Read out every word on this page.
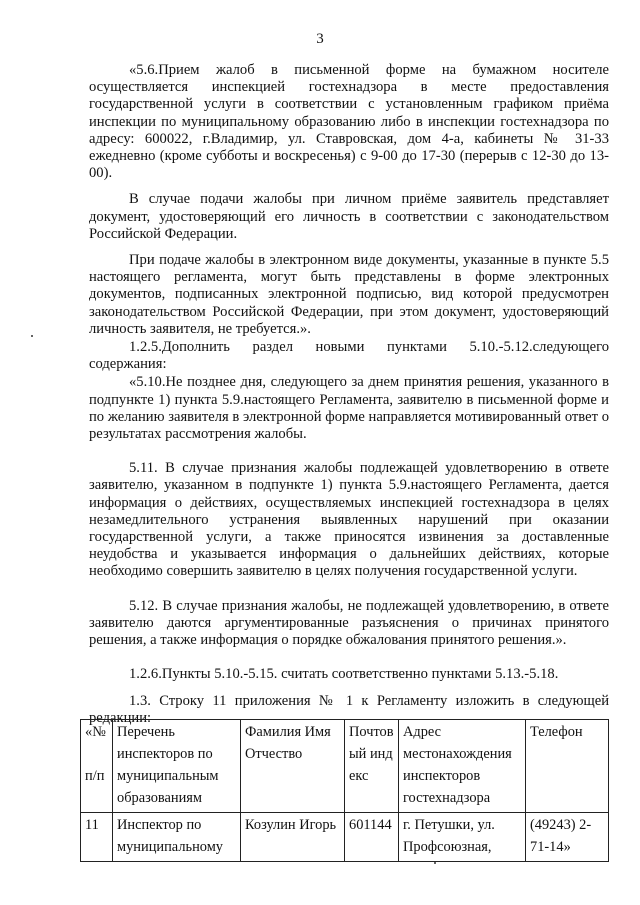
3

«5.6.Прием жалоб в письменной форме на бумажном носителе осуществляется инспекцией гостехнадзора в месте предоставления государственной услуги в соответствии с установленным графиком приёма инспекции по муниципальному образованию либо в инспекции гостехнадзора по адресу: 600022, г.Владимир, ул. Ставровская, дом 4-а, кабинеты № 31-33 ежедневно (кроме субботы и воскресенья) с 9-00 до 17-30 (перерыв с 12-30 до 13-00).

В случае подачи жалобы при личном приёме заявитель представляет документ, удостоверяющий его личность в соответствии с законодательством Российской Федерации.

При подаче жалобы в электронном виде документы, указанные в пункте 5.5 настоящего регламента, могут быть представлены в форме электронных документов, подписанных электронной подписью, вид которой предусмотрен законодательством Российской Федерации, при этом документ, удостоверяющий личность заявителя, не требуется.».

1.2.5.Дополнить раздел новыми пунктами 5.10.-5.12.следующего содержания:

«5.10.Не позднее дня, следующего за днем принятия решения, указанного в подпункте 1) пункта 5.9.настоящего Регламента, заявителю в письменной форме и по желанию заявителя в электронной форме направляется мотивированный ответ о результатах рассмотрения жалобы.

5.11. В случае признания жалобы подлежащей удовлетворению в ответе заявителю, указанном в подпункте 1) пункта 5.9.настоящего Регламента, дается информация о действиях, осуществляемых инспекцией гостехнадзора в целях незамедлительного устранения выявленных нарушений при оказании государственной услуги, а также приносятся извинения за доставленные неудобства и указывается информация о дальнейших действиях, которые необходимо совершить заявителю в целях получения государственной услуги.

5.12. В случае признания жалобы, не подлежащей удовлетворению, в ответе заявителю даются аргументированные разъяснения о причинах принятого решения, а также информация о порядке обжалования принятого решения.».

1.2.6.Пункты 5.10.-5.15. считать соответственно пунктами 5.13.-5.18.

1.3. Строку 11 приложения № 1 к Регламенту изложить в следующей редакции:

«№
п/п	Перечень инспекторов по муниципальным образованиям	Фамилия Имя Отчество	Почтовый индекс	Адрес местонахождения инспекторов гостехнадзора	Телефон
11	Инспектор по муниципальному	Козулин Игорь	601144	г. Петушки, ул. Профсоюзная,	(49243) 2-71-14»
